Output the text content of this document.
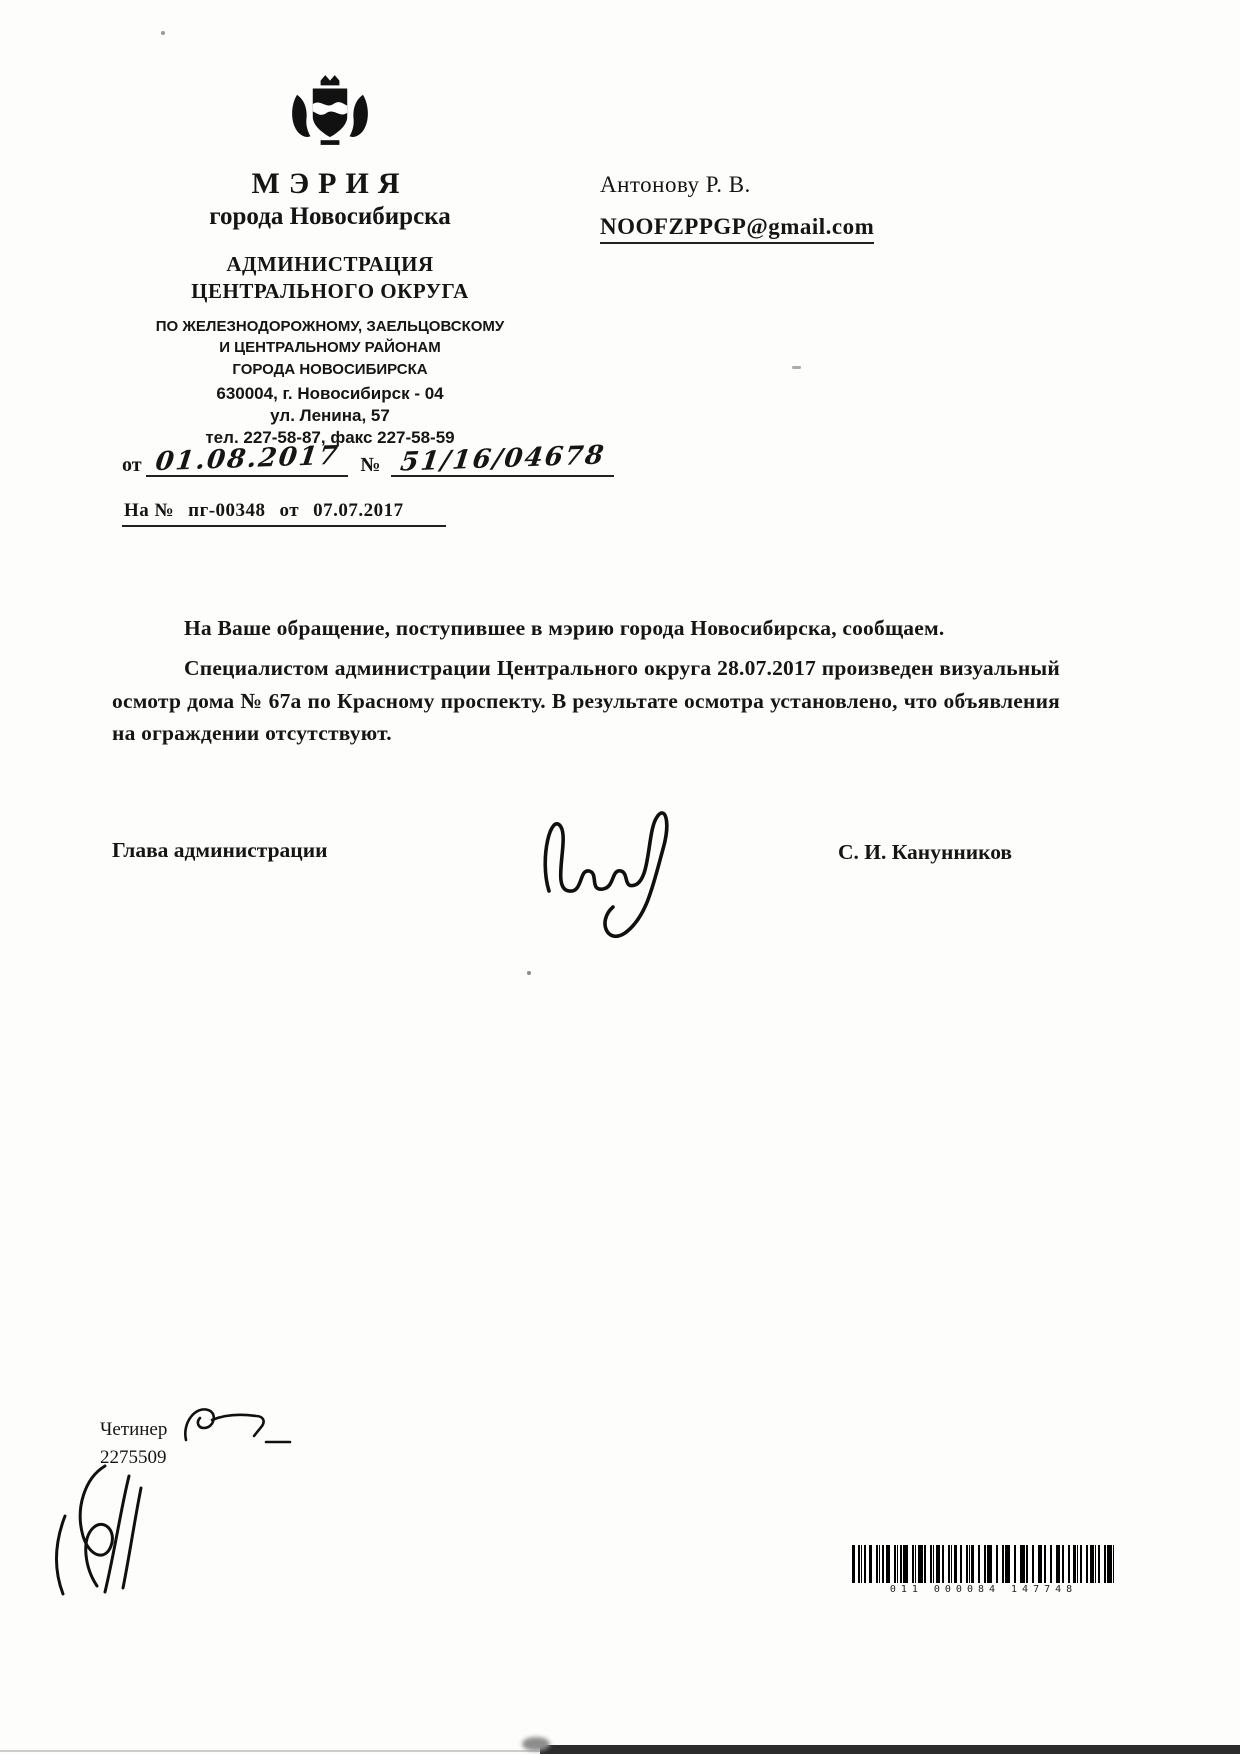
МЭРИЯ
города Новосибирска
АДМИНИСТРАЦИЯ
ЦЕНТРАЛЬНОГО ОКРУГА
ПО ЖЕЛЕЗНОДОРОЖНОМУ, ЗАЕЛЬЦОВСКОМУ
И ЦЕНТРАЛЬНОМУ РАЙОНАМ
ГОРОДА НОВОСИБИРСКА
630004, г. Новосибирск - 04
ул. Ленина, 57
тел. 227-58-87, факс 227-58-59
от 01.08.2017 № 51/16/04678
На № пг-00348 от 07.07.2017
Антонову Р. В.
NOOFZPPGP@gmail.com

На Ваше обращение, поступившее в мэрию города Новосибирска, сообщаем.

Специалистом администрации Центрального округа 28.07.2017 произведен визуальный осмотр дома № 67а по Красному проспекту. В результате осмотра установлено, что объявления на ограждении отсутствуют.

Глава администрации	С. И. Канунников
Четинер
2275509
011 000084 147748
